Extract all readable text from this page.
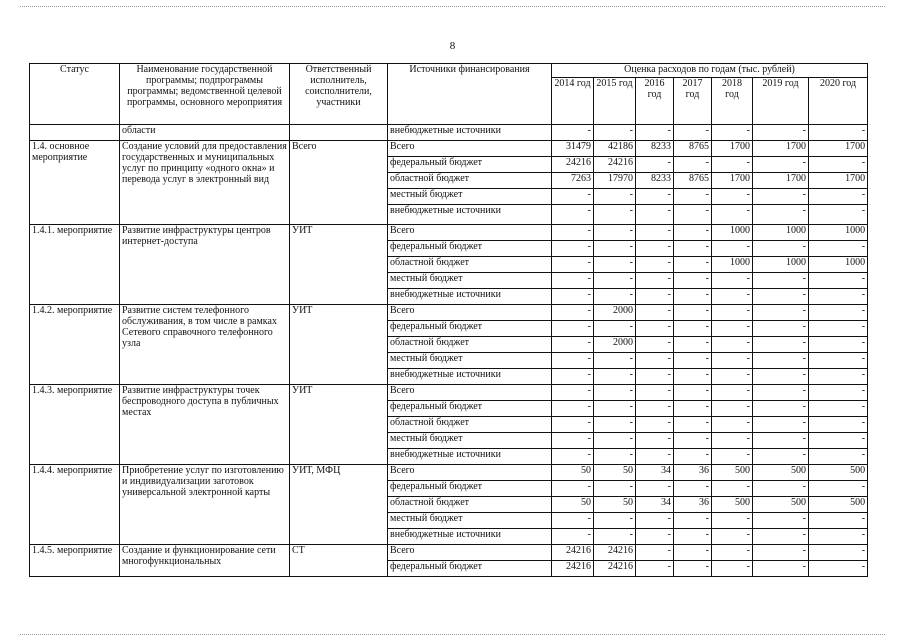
8
Статус	Наименование государственной программы; подпрограммы программы; ведомственной целевой программы, основного мероприятия	Ответственный исполнитель, соисполнители, участники	Источники финансирования	Оценка расходов по годам (тыс. рублей)						
				2014 год	2015 год	2016 год	2017 год	2018 год	2019 год	2020 год
	области		внебюджетные источники	-	-	-	-	-	-	-
1.4. основное мероприятие	Создание условий для предоставления государственных и муниципальных услуг по принципу «одного окна» и перевода услуг в электронный вид	Всего	Всего	31479	42186	8233	8765	1700	1700	1700
			федеральный бюджет	24216	24216	-	-	-	-	-
			областной бюджет	7263	17970	8233	8765	1700	1700	1700
			местный бюджет	-	-	-	-	-	-	-
			внебюджетные источники	-	-	-	-	-	-	-
1.4.1. мероприятие	Развитие инфраструктуры центров интернет-доступа	УИТ	Всего	-	-	-	-	1000	1000	1000
			федеральный бюджет	-	-	-	-	-	-	-
			областной бюджет	-	-	-	-	1000	1000	1000
			местный бюджет	-	-	-	-	-	-	-
			внебюджетные источники	-	-	-	-	-	-	-
1.4.2. мероприятие	Развитие систем телефонного обслуживания, в том числе в рамках Сетевого справочного телефонного узла	УИТ	Всего	-	2000	-	-	-	-	-
			федеральный бюджет	-	-	-	-	-	-	-
			областной бюджет	-	2000	-	-	-	-	-
			местный бюджет	-	-	-	-	-	-	-
			внебюджетные источники	-	-	-	-	-	-	-
1.4.3. мероприятие	Развитие инфраструктуры точек беспроводного доступа в публичных местах	УИТ	Всего	-	-	-	-	-	-	-
			федеральный бюджет	-	-	-	-	-	-	-
			областной бюджет	-	-	-	-	-	-	-
			местный бюджет	-	-	-	-	-	-	-
			внебюджетные источники	-	-	-	-	-	-	-
1.4.4. мероприятие	Приобретение услуг по изготовлению и индивидуализации заготовок универсальной электронной карты	УИТ, МФЦ	Всего	50	50	34	36	500	500	500
			федеральный бюджет	-	-	-	-	-	-	-
			областной бюджет	50	50	34	36	500	500	500
			местный бюджет	-	-	-	-	-	-	-
			внебюджетные источники	-	-	-	-	-	-	-
1.4.5. мероприятие	Создание и функционирование сети многофункциональных	СТ	Всего	24216	24216	-	-	-	-	-
			федеральный бюджет	24216	24216	-	-	-	-	-
